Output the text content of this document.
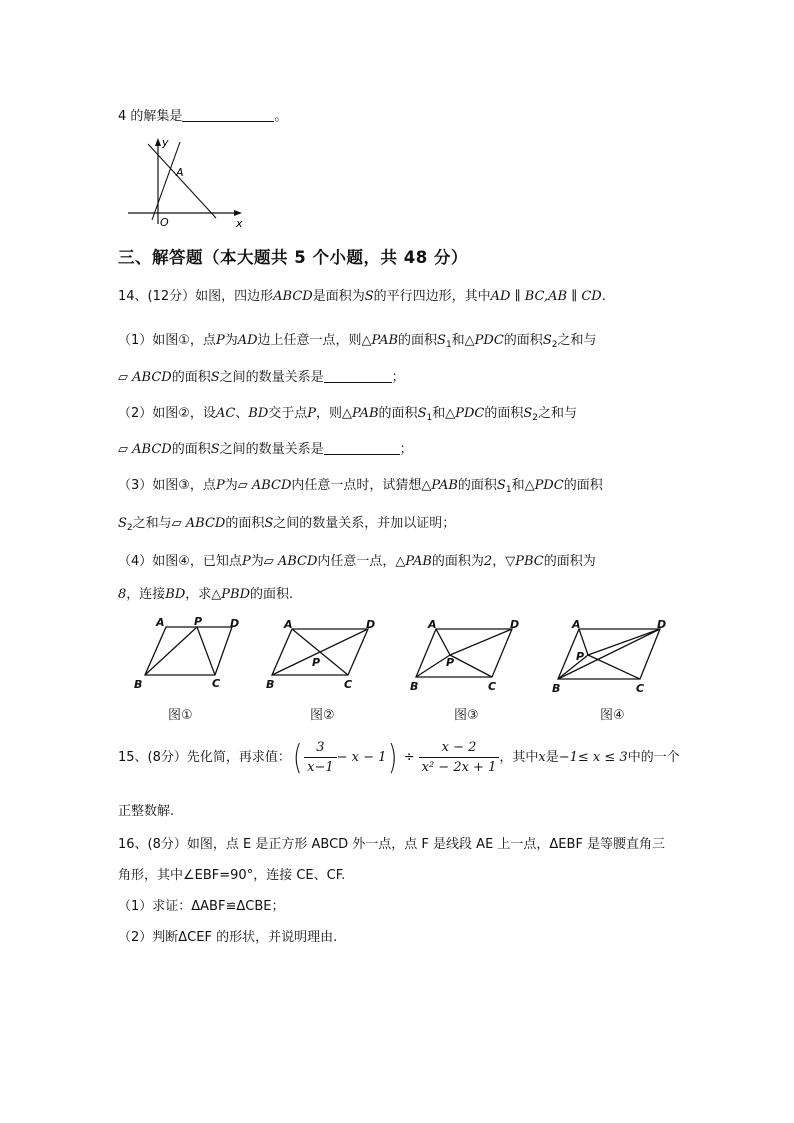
4 的解集是	。
y
x
A
O
三、解答题（本大题共 5 个小题，共 48 分）
14、(12分）如图，四边形ABCD是面积为S的平行四边形，其中AD ∥ BC,AB ∥ CD.
（1）如图①，点P为AD边上任意一点，则△PAB的面积$S_1$和△PDC的面积$S_2$之和与
▱ ABCD的面积S之间的数量关系是	；
（2）如图②，设AC、BD交于点P，则△PAB的面积$S_1$和△PDC的面积$S_2$之和与
▱ ABCD的面积S之间的数量关系是	；
（3）如图③，点P为▱ ABCD内任意一点时，试猜想△PAB的面积$S_1$和△PDC的面积
$S_2$之和与▱ ABCD的面积S之间的数量关系，并加以证明；
（4）如图④，已知点P为▱ ABCD内任意一点，△PAB的面积为2，▽PBC的面积为
8，连接BD，求△PBD的面积.
A	P	D
B	C
A	D
P
B	C
A	D
P
B	C
A	D
P
B	C
图①	图②	图③	图④
15、(8分）先化简，再求值：( $\frac{3}{x-1} - x - 1) \div \frac{x - 2}{\text{x² − 2x + 1}}$ ，其中x是−1≤ x ≤ 3中的一个
正整数解.
16、(8分）如图，点 E 是正方形 ABCD 外一点，点 F 是线段 AE 上一点，ΔEBF 是等腰直角三
角形，其中∠EBF=90°，连接 CE、CF.
（1）求证：ΔABF≌ΔCBE；
（2）判断ΔCEF 的形状，并说明理由.
